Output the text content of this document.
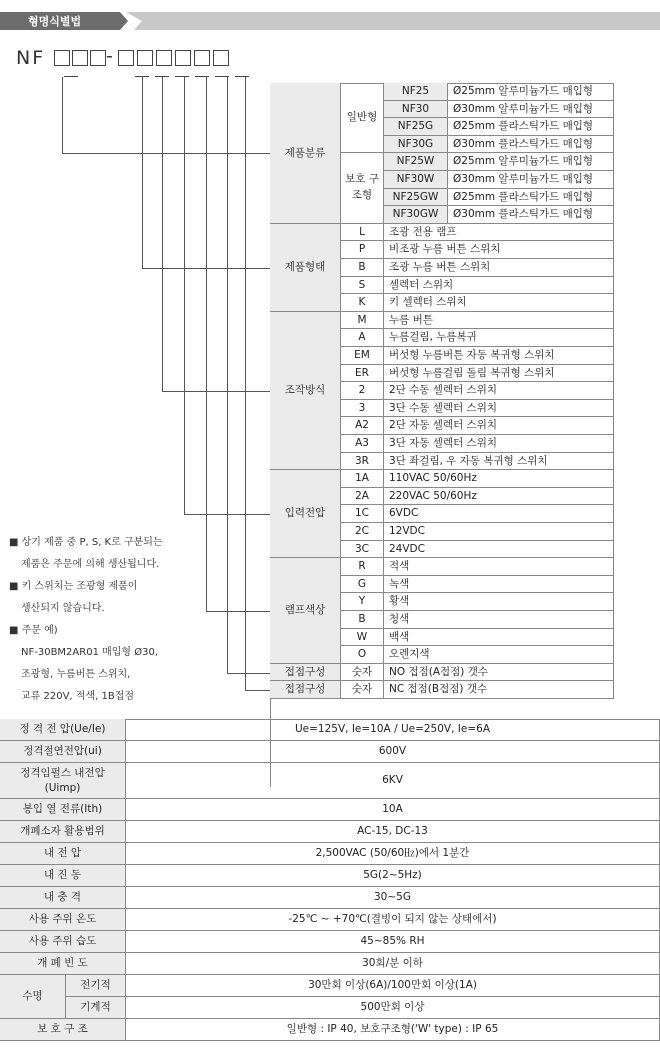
형명식별법
NF	-
NF25	Ø25mm 알루미늄가드 매입형
NF30	Ø30mm 알루미늄가드 매입형
NF25G	Ø25mm 플라스틱가드 매입형
NF30G	Ø30mm 플라스틱가드 매입형
일반형
NF25W	Ø25mm 알루미늄가드 매입형
NF30W	Ø30mm 알루미늄가드 매입형
NF25GW	Ø25mm 플라스틱가드 매입형
NF30GW	Ø30mm 플라스틱가드 매입형
보호 구조형
제품분류
L	조광 전용 램프
P	비조광 누름 버튼 스위치
B	조광 누름 버튼 스위치
S	셀렉터 스위치
K	키 셀렉터 스위치
제품형태
M	누름 버튼
A	누름걸림, 누름복귀
EM	버섯형 누름버튼 자동 복귀형 스위치
ER	버섯형 누름걸림 돌림 복귀형 스위치
2	2단 수동 셀렉터 스위치
3	3단 수동 셀렉터 스위치
A2	2단 자동 셀렉터 스위치
A3	3단 자동 셀렉터 스위치
3R	3단 좌걸림, 우 자동 복귀형 스위치
조작방식
1A	110VAC 50/60Hz
2A	220VAC 50/60Hz
1C	6VDC
2C	12VDC
3C	24VDC
입력전압
R	적색
G	녹색
Y	황색
B	청색
W	백색
O	오렌지색
램프색상
숫자	NO 접점(A접점) 갯수
접점구성
숫자	NC 접점(B접점) 갯수
접점구성
■ 상기 제품 중 P, S, K로 구분되는
제품은 주문에 의해 생산됩니다.
■ 키 스위치는 조광형 제품이
생산되지 않습니다.
■ 주문 예)
NF-30BM2AR01 매입형 Ø30,
조광형, 누름버튼 스위치,
교류 220V, 적색, 1B접점
정 격 전 압(Ue/Ie)	Ue=125V, Ie=10A / Ue=250V, Ie=6A
정격절연전압(ui)	600V
정격임펄스 내전압
(Uimp)
6KV
봉입 열 전류(Ith)	10A
개폐소자 활용범위	AC-15, DC-13
내 전 압	2,500VAC (50/60㎐)에서 1분간
내 진 동	5G(2~5Hz)
내 충 격	30~5G
사용 주위 온도	-25℃ ~ +70℃(결빙이 되지 않는 상태에서)
사용 주위 습도	45~85% RH
개 폐 빈 도	30회/분 이하
수명
전기적	30만회 이상(6A)/100만회 이상(1A)
기계적	500만회 이상
보 호 구 조	일반형 : IP 40, 보호구조형('W' type) : IP 65
